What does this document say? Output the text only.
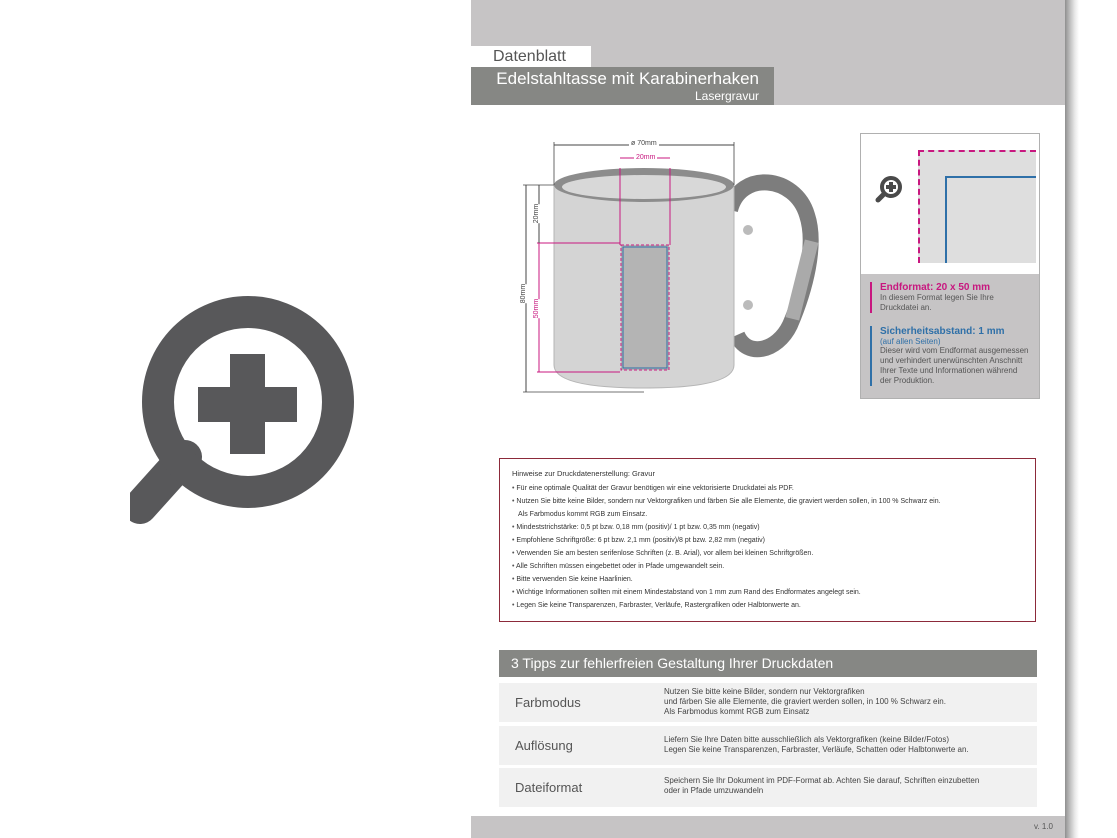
Datenblatt
Edelstahltasse mit Karabinerhaken
Lasergravur
ø 70mm
20mm
20mm
80mm
50mm
Endformat: 20 x 50 mm
In diesem Format legen Sie Ihre
Druckdatei an.
Sicherheitsabstand: 1 mm
(auf allen Seiten)
Dieser wird vom Endformat ausgemessen
und verhindert unerwünschten Anschnitt
Ihrer Texte und Informationen während
der Produktion.
Hinweise zur Druckdatenerstellung: Gravur
• Für eine optimale Qualität der Gravur benötigen wir eine vektorisierte Druckdatei als PDF.
• Nutzen Sie bitte keine Bilder, sondern nur Vektorgrafiken und färben Sie alle Elemente, die graviert werden sollen, in 100 % Schwarz ein.
Als Farbmodus kommt RGB zum Einsatz.
• Mindeststrichstärke: 0,5 pt bzw. 0,18 mm (positiv)/ 1 pt bzw. 0,35 mm (negativ)
• Empfohlene Schriftgröße: 6 pt bzw. 2,1 mm (positiv)/8 pt bzw. 2,82 mm (negativ)
• Verwenden Sie am besten serifenlose Schriften (z. B. Arial), vor allem bei kleinen Schriftgrößen.
• Alle Schriften müssen eingebettet oder in Pfade umgewandelt sein.
• Bitte verwenden Sie keine Haarlinien.
• Wichtige Informationen sollten mit einem Mindestabstand von 1 mm zum Rand des Endformates angelegt sein.
• Legen Sie keine Transparenzen, Farbraster, Verläufe, Rastergrafiken oder Halbtonwerte an.
3 Tipps zur fehlerfreien Gestaltung Ihrer Druckdaten
Farbmodus
Nutzen Sie bitte keine Bilder, sondern nur Vektorgrafiken
und färben Sie alle Elemente, die graviert werden sollen, in 100 % Schwarz ein.
Als Farbmodus kommt RGB zum Einsatz
Auflösung	Liefern Sie Ihre Daten bitte ausschließlich als Vektorgrafiken (keine Bilder/Fotos)
Legen Sie keine Transparenzen, Farbraster, Verläufe, Schatten oder Halbtonwerte an.
Dateiformat	Speichern Sie Ihr Dokument im PDF-Format ab. Achten Sie darauf, Schriften einzubetten
oder in Pfade umzuwandeln
v. 1.0
